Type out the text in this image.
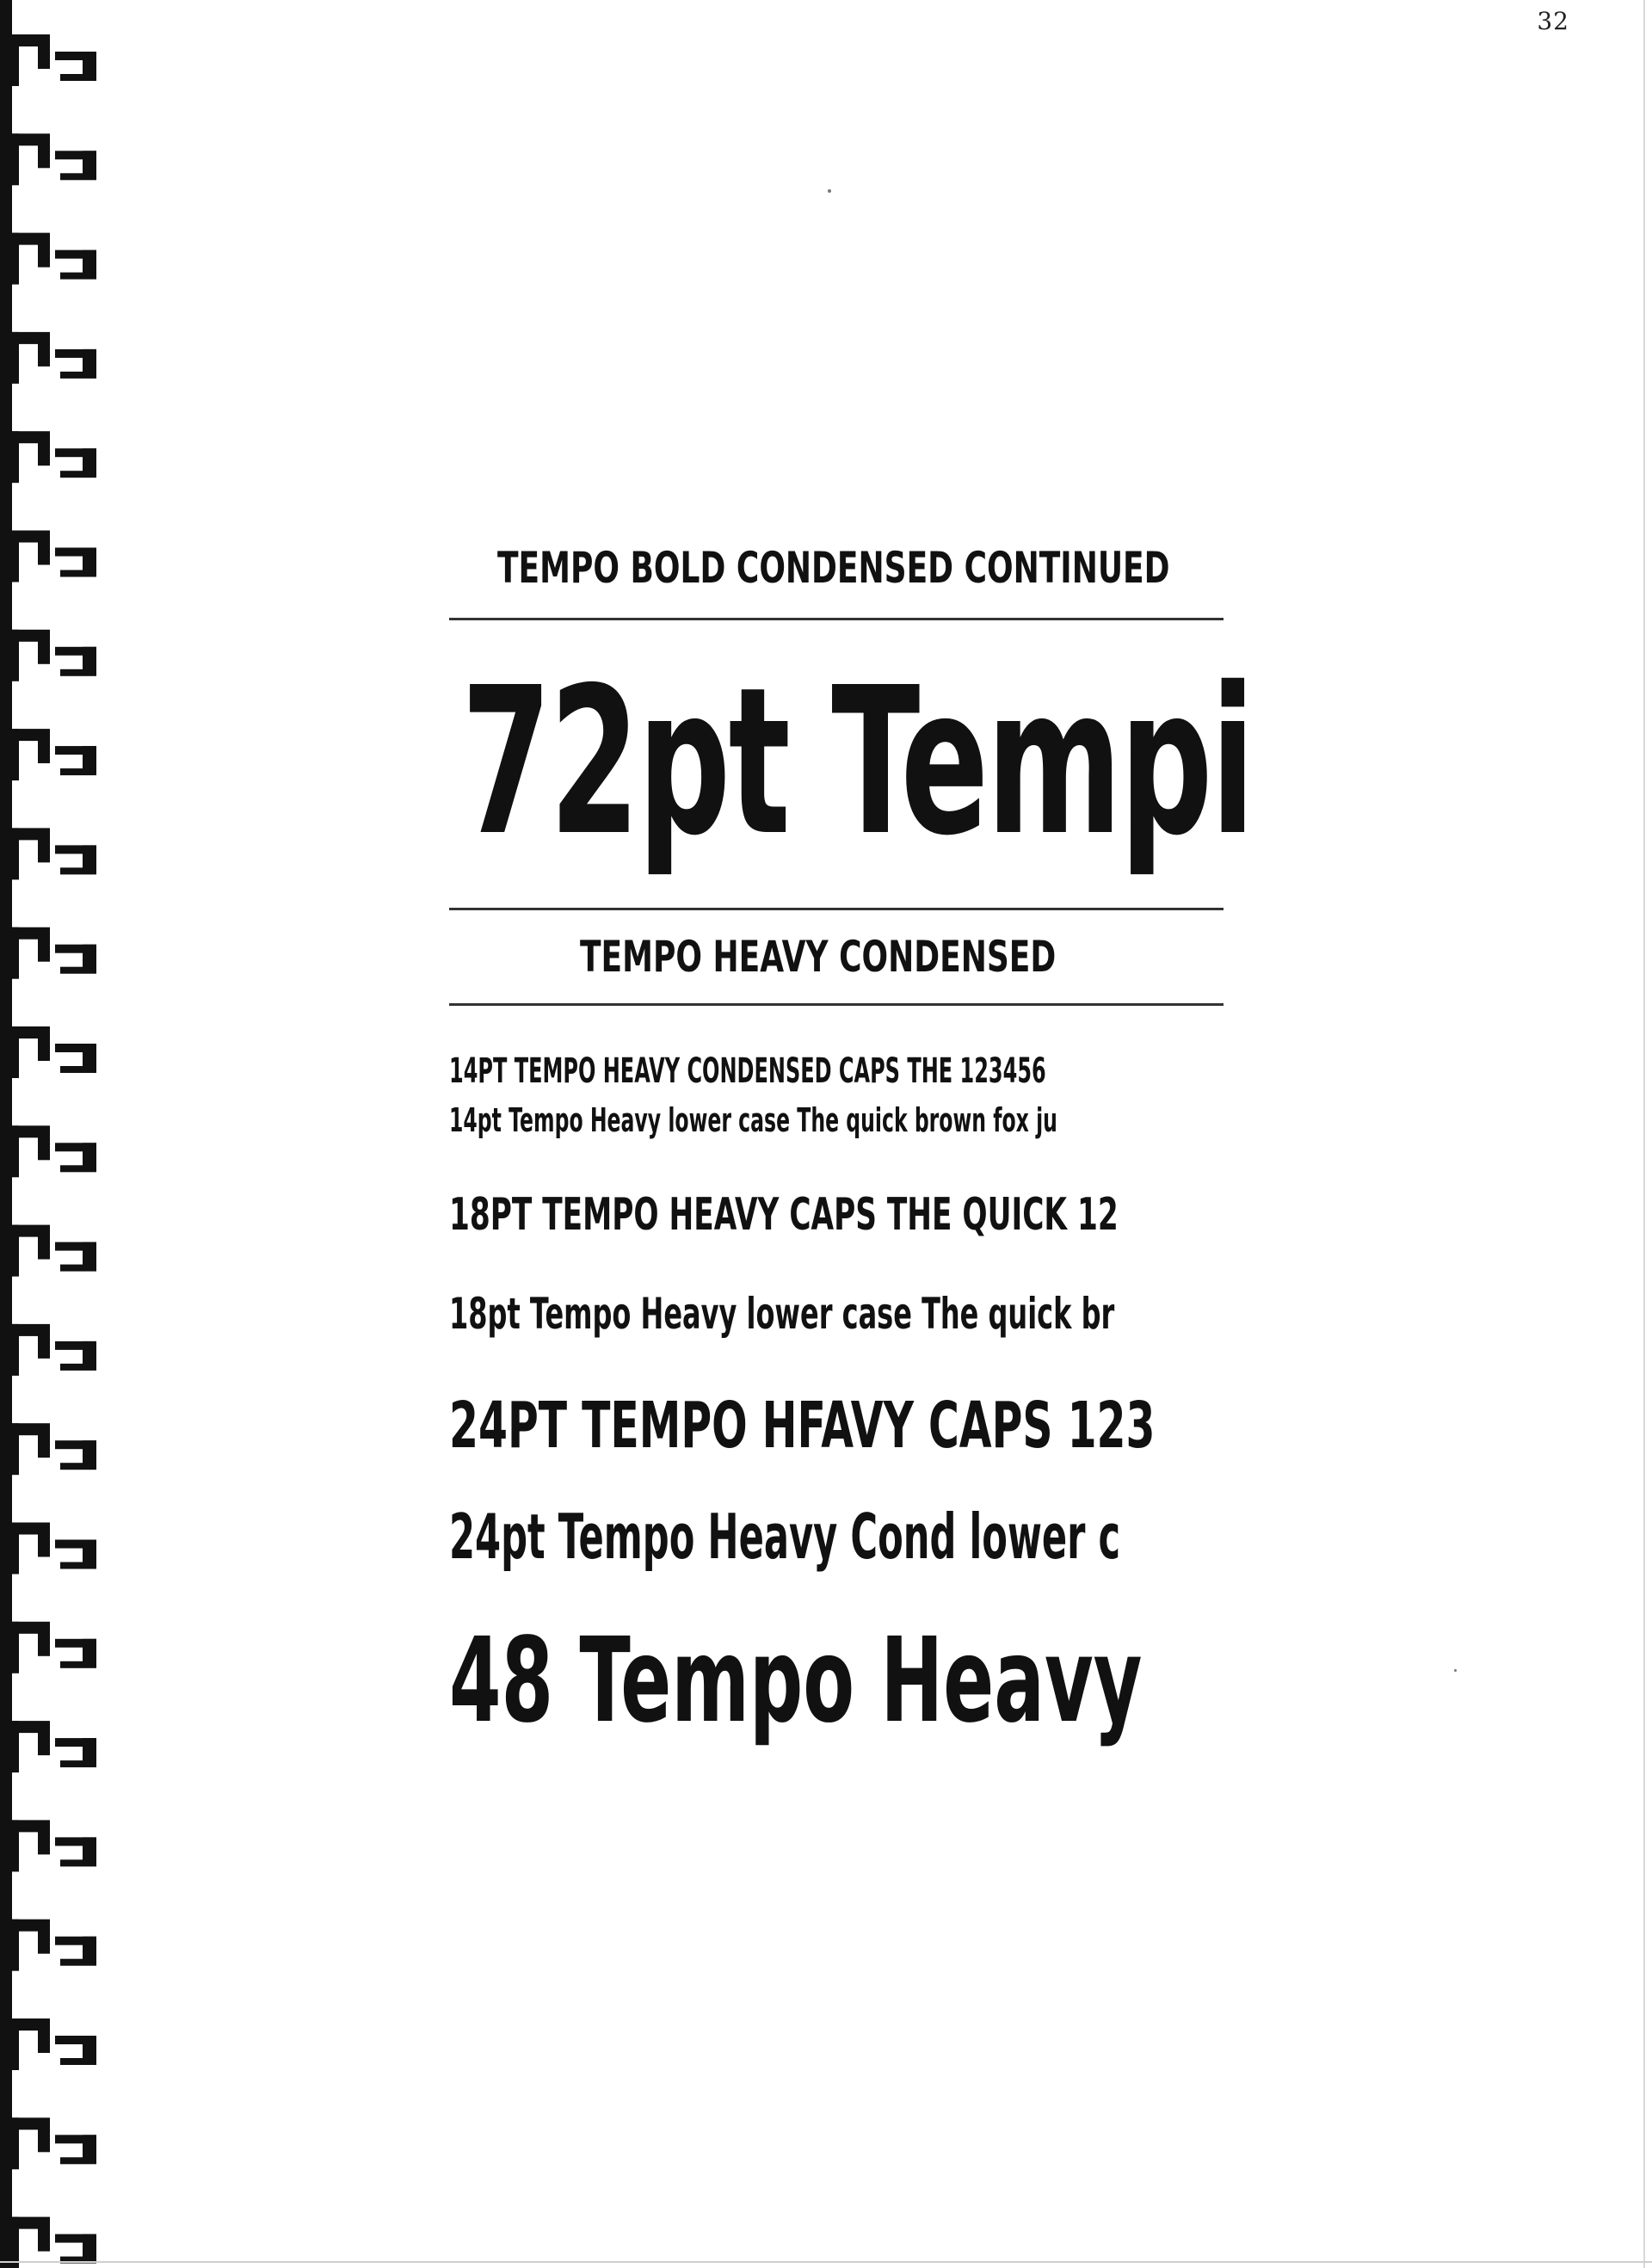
32
TEMPO BOLD CONDENSED CONTINUED
72pt Tempi
TEMPO HEAVY CONDENSED
14PT TEMPO HEAVY CONDENSED CAPS THE 123456
14pt Tempo Heavy lower case The quick brown fox ju
18PT TEMPO HEAVY CAPS THE QUICK 12
18pt Tempo Heavy lower case The quick br
24PT TEMPO HFAVY CAPS 123
24pt Tempo Heavy Cond lower c
48 Tempo Heavy
